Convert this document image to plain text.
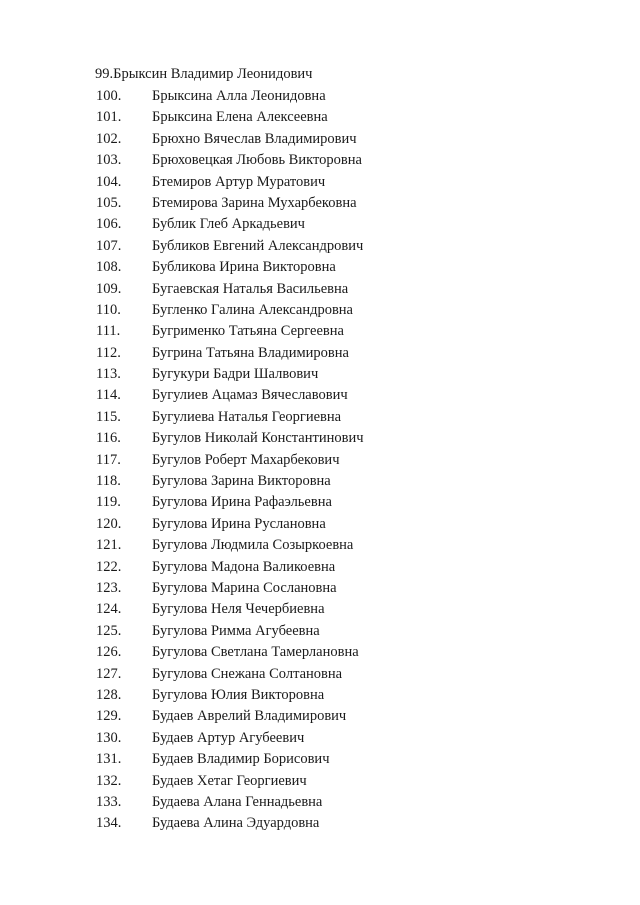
99.Брыксин Владимир Леонидович
100. Брыксина Алла Леонидовна
101. Брыксина Елена Алексеевна
102. Брюхно Вячеслав Владимирович
103. Брюховецкая Любовь Викторовна
104. Бтемиров Артур Муратович
105. Бтемирова Зарина Мухарбековна
106. Бублик Глеб Аркадьевич
107. Бубликов Евгений Александрович
108. Бубликова Ирина Викторовна
109. Бугаевская Наталья Васильевна
110. Бугленко Галина Александровна
111. Бугрименко Татьяна Сергеевна
112. Бугрина Татьяна Владимировна
113. Бугукури Бадри Шалвович
114. Бугулиев Ацамаз Вячеславович
115. Бугулиева Наталья Георгиевна
116. Бугулов Николай Константинович
117. Бугулов Роберт Махарбекович
118. Бугулова Зарина Викторовна
119. Бугулова Ирина Рафаэльевна
120. Бугулова Ирина Руслановна
121. Бугулова Людмила Созыркоевна
122. Бугулова Мадона Валикоевна
123. Бугулова Марина Сослановна
124. Бугулова Неля Чечербиевна
125. Бугулова Римма Агубеевна
126. Бугулова Светлана Тамерлановна
127. Бугулова Снежана Солтановна
128. Бугулова Юлия Викторовна
129. Будаев Аврелий Владимирович
130. Будаев Артур Агубеевич
131. Будаев Владимир Борисович
132. Будаев Хетаг Георгиевич
133. Будаева Алана Геннадьевна
134. Будаева Алина Эдуардовна
